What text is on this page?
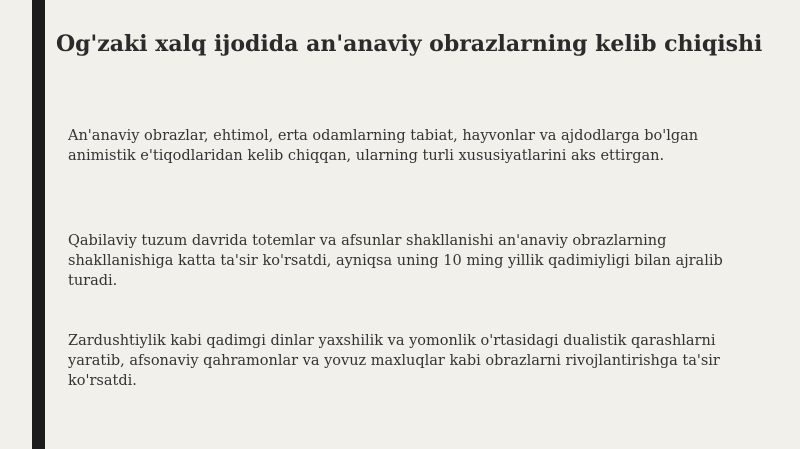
Og'zaki xalq ijodida an'anaviy obrazlarning kelib chiqishi

An'anaviy obrazlar, ehtimol, erta odamlarning tabiat, hayvonlar va ajdodlarga bo'lgan animistik e'tiqodlaridan kelib chiqqan, ularning turli xususiyatlarini aks ettirgan.

Qabilaviy tuzum davrida totemlar va afsunlar shakllanishi an'anaviy obrazlarning shakllanishiga katta ta'sir ko'rsatdi, ayniqsa uning 10 ming yillik qadimiyligi bilan ajralib turadi.

Zardushtiylik kabi qadimgi dinlar yaxshilik va yomonlik o'rtasidagi dualistik qarashlarni yaratib, afsonaviy qahramonlar va yovuz maxluqlar kabi obrazlarni rivojlantirishga ta'sir ko'rsatdi.
